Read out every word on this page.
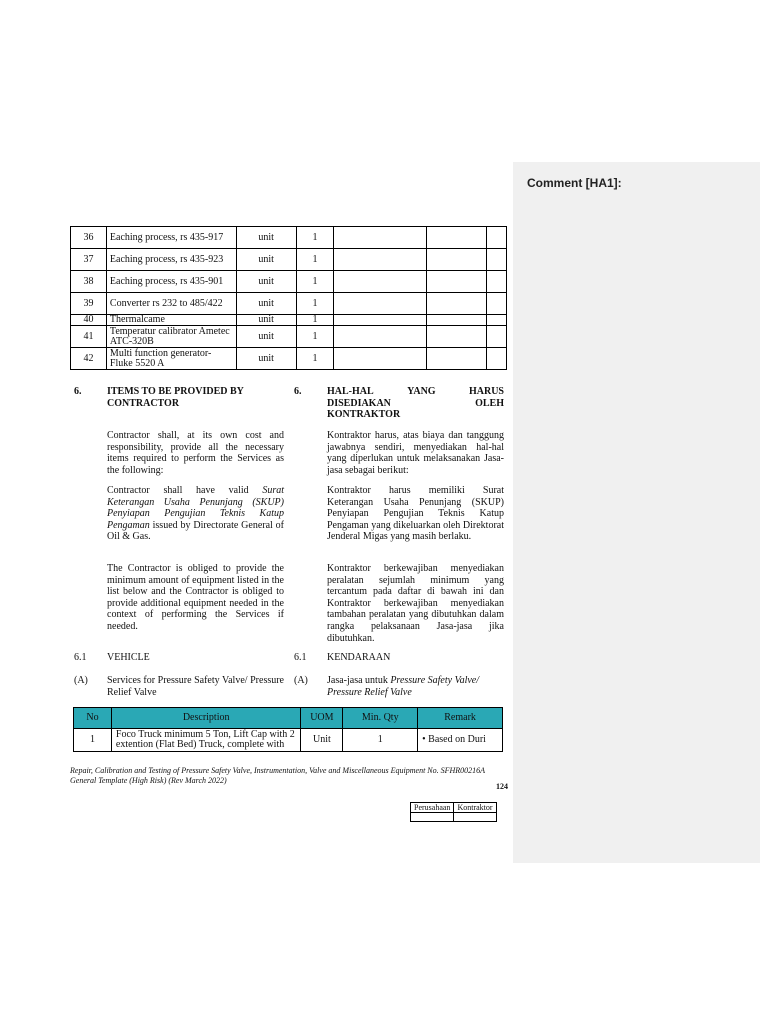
Comment [HA1]:
36	Eaching process, rs 435-917	unit	1			
37	Eaching process, rs 435-923	unit	1			
38	Eaching process, rs 435-901	unit	1			
39	Converter rs 232 to 485/422	unit	1			
40	Thermalcame	unit	1			
41	Temperatur calibrator Ametec ATC-320B	unit	1			
42	Multi function generator-Fluke 5520 A	unit	1			
6.	ITEMS TO BE PROVIDED BY CONTRACTOR
6.	HAL-HAL	YANG	HARUS
DISEDIAKAN	OLEH
KONTRAKTOR
Contractor shall, at its own cost and responsibility, provide all the necessary items required to perform the Services as the following:
Kontraktor harus, atas biaya dan tanggung jawabnya sendiri, menyediakan hal-hal yang diperlukan untuk melaksanakan Jasa-jasa sebagai berikut:
Contractor shall have valid Surat Keterangan Usaha Penunjang (SKUP) Penyiapan Pengujian Teknis Katup Pengaman issued by Directorate General of Oil & Gas.
Kontraktor harus memiliki Surat Keterangan Usaha Penunjang (SKUP) Penyiapan Pengujian Teknis Katup Pengaman yang dikeluarkan oleh Direktorat Jenderal Migas yang masih berlaku.
The Contractor is obliged to provide the minimum amount of equipment listed in the list below and the Contractor is obliged to provide additional equipment needed in the context of performing the Services if needed.
Kontraktor berkewajiban menyediakan peralatan sejumlah minimum yang tercantum pada daftar di bawah ini dan Kontraktor berkewajiban menyediakan tambahan peralatan yang dibutuhkan dalam rangka pelaksanaan Jasa-jasa jika dibutuhkan.
6.1 VEHICLE	6.1 KENDARAAN
(A) Services for Pressure Safety Valve/ Pressure Relief Valve
(A) Jasa-jasa untuk Pressure Safety Valve/ Pressure Relief Valve
No	Description	UOM	Min. Qty	Remark
1	Foco Truck minimum 5 Ton, Lift Cap with 2 extention (Flat Bed) Truck, complete with	Unit	1	• Based on Duri
Repair, Calibration and Testing of Pressure Safety Valve, Instrumentation, Valve and Miscellaneous Equipment No. SFHR00216A
General Template (High Risk) (Rev March 2022)
124
Perusahaan	Kontraktor
